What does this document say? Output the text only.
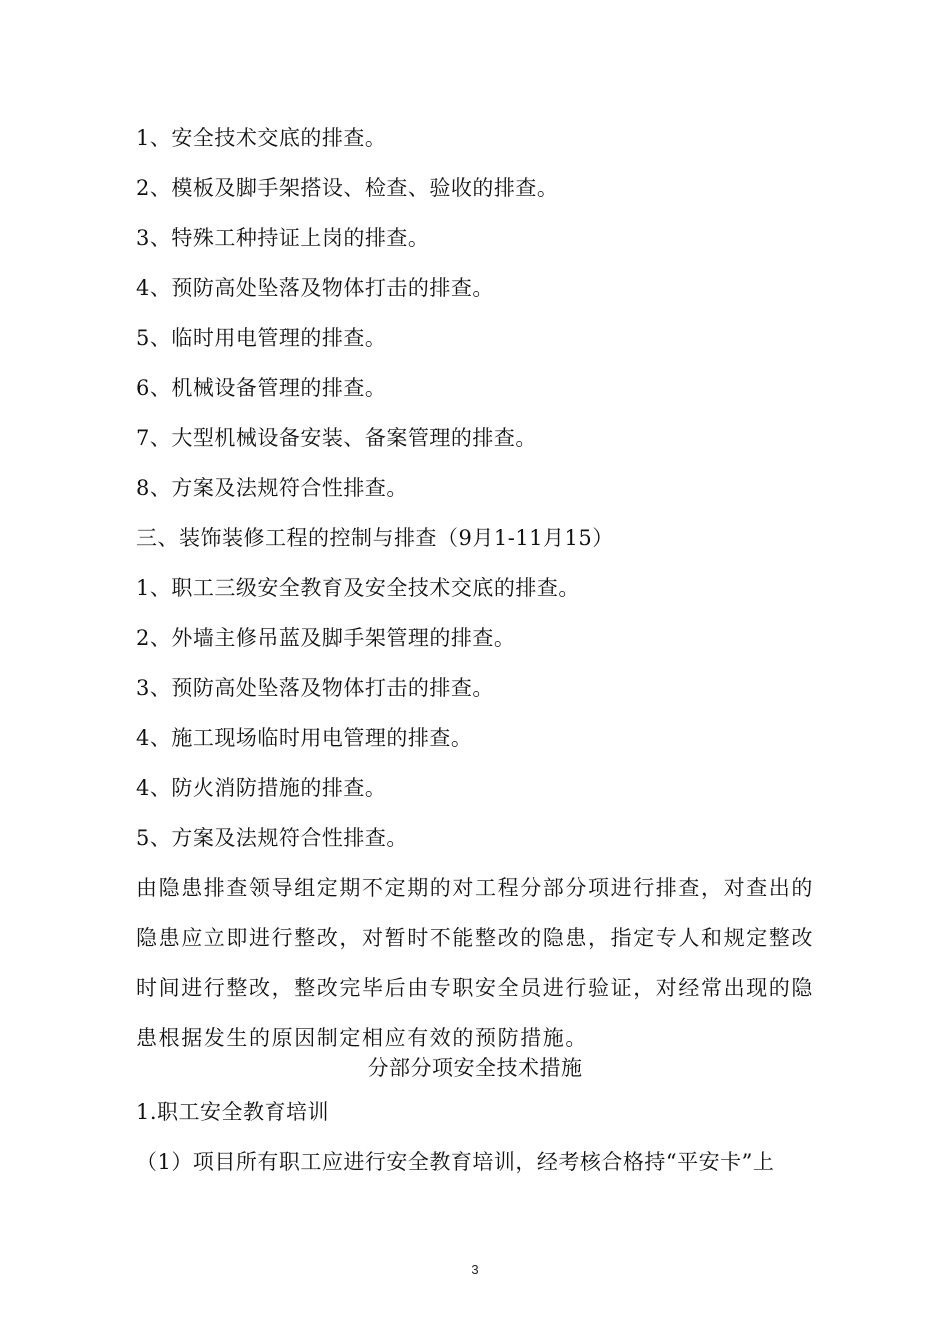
1、安全技术交底的排查。
2、模板及脚手架搭设、检查、验收的排查。
3、特殊工种持证上岗的排查。
4、预防高处坠落及物体打击的排查。
5、临时用电管理的排查。
6、机械设备管理的排查。
7、大型机械设备安装、备案管理的排查。
8、方案及法规符合性排查。
三、装饰装修工程的控制与排查（9月1-11月15）
1、职工三级安全教育及安全技术交底的排查。
2、外墙主修吊蓝及脚手架管理的排查。
3、预防高处坠落及物体打击的排查。
4、施工现场临时用电管理的排查。
4、防火消防措施的排查。
5、方案及法规符合性排查。
由隐患排查领导组定期不定期的对工程分部分项进行排查，对查出的
隐患应立即进行整改，对暂时不能整改的隐患，指定专人和规定整改
时间进行整改，整改完毕后由专职安全员进行验证，对经常出现的隐
患根据发生的原因制定相应有效的预防措施。
分部分项安全技术措施
1.职工安全教育培训
（1）项目所有职工应进行安全教育培训，经考核合格持“平安卡”上
3
